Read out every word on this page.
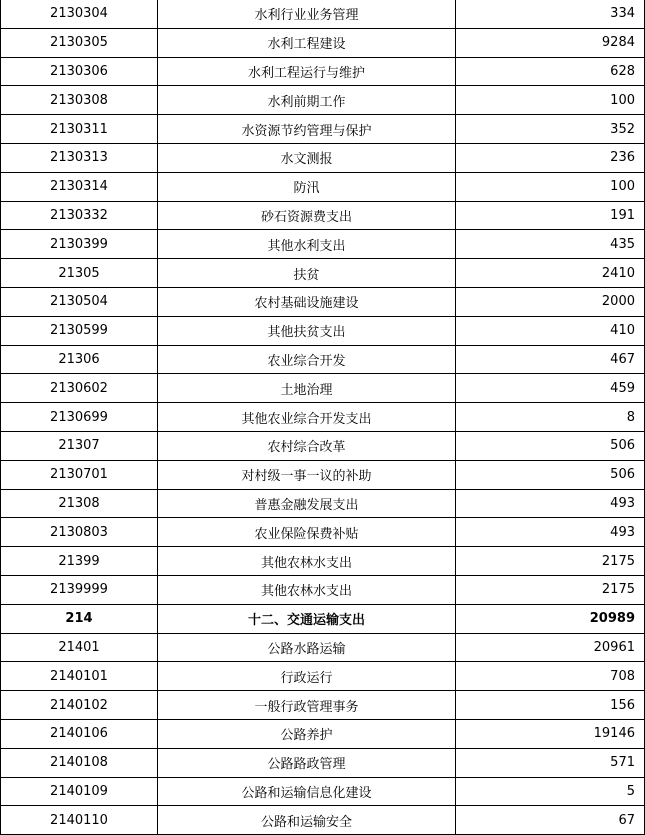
2130304	水利行业业务管理	334
2130305	水利工程建设	9284
2130306	水利工程运行与维护	628
2130308	水利前期工作	100
2130311	水资源节约管理与保护	352
2130313	水文测报	236
2130314	防汛	100
2130332	砂石资源费支出	191
2130399	其他水利支出	435
21305	扶贫	2410
2130504	农村基础设施建设	2000
2130599	其他扶贫支出	410
21306	农业综合开发	467
2130602	土地治理	459
2130699	其他农业综合开发支出	8
21307	农村综合改革	506
2130701	对村级一事一议的补助	506
21308	普惠金融发展支出	493
2130803	农业保险保费补贴	493
21399	其他农林水支出	2175
2139999	其他农林水支出	2175
214	十二、交通运输支出	20989
21401	公路水路运输	20961
2140101	行政运行	708
2140102	一般行政管理事务	156
2140106	公路养护	19146
2140108	公路路政管理	571
2140109	公路和运输信息化建设	5
2140110	公路和运输安全	67
